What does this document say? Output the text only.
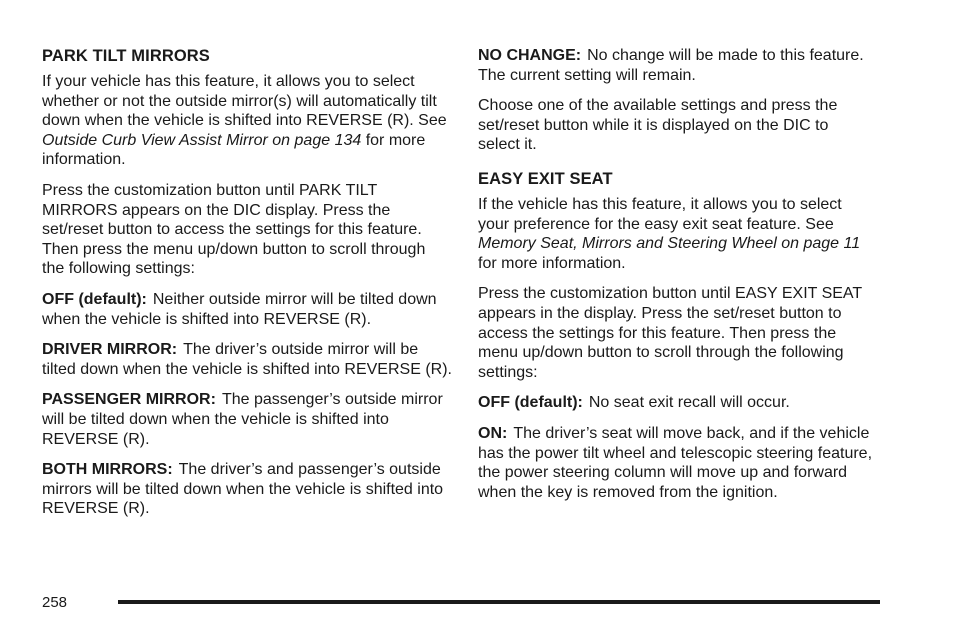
PARK TILT MIRRORS

If your vehicle has this feature, it allows you to select whether or not the outside mirror(s) will automatically tilt down when the vehicle is shifted into REVERSE (R). See Outside Curb View Assist Mirror on page 134 for more information.

Press the customization button until PARK TILT MIRRORS appears on the DIC display. Press the set/reset button to access the settings for this feature. Then press the menu up/down button to scroll through the following settings:

OFF (default): Neither outside mirror will be tilted down when the vehicle is shifted into REVERSE (R).

DRIVER MIRROR: The driver’s outside mirror will be tilted down when the vehicle is shifted into REVERSE (R).

PASSENGER MIRROR: The passenger’s outside mirror will be tilted down when the vehicle is shifted into REVERSE (R).

BOTH MIRRORS: The driver’s and passenger’s outside mirrors will be tilted down when the vehicle is shifted into REVERSE (R).

NO CHANGE: No change will be made to this feature. The current setting will remain.

Choose one of the available settings and press the set/reset button while it is displayed on the DIC to select it.

EASY EXIT SEAT

If the vehicle has this feature, it allows you to select your preference for the easy exit seat feature. See Memory Seat, Mirrors and Steering Wheel on page 11 for more information.

Press the customization button until EASY EXIT SEAT appears in the display. Press the set/reset button to access the settings for this feature. Then press the menu up/down button to scroll through the following settings:

OFF (default): No seat exit recall will occur.

ON: The driver’s seat will move back, and if the vehicle has the power tilt wheel and telescopic steering feature, the power steering column will move up and forward when the key is removed from the ignition.

258
